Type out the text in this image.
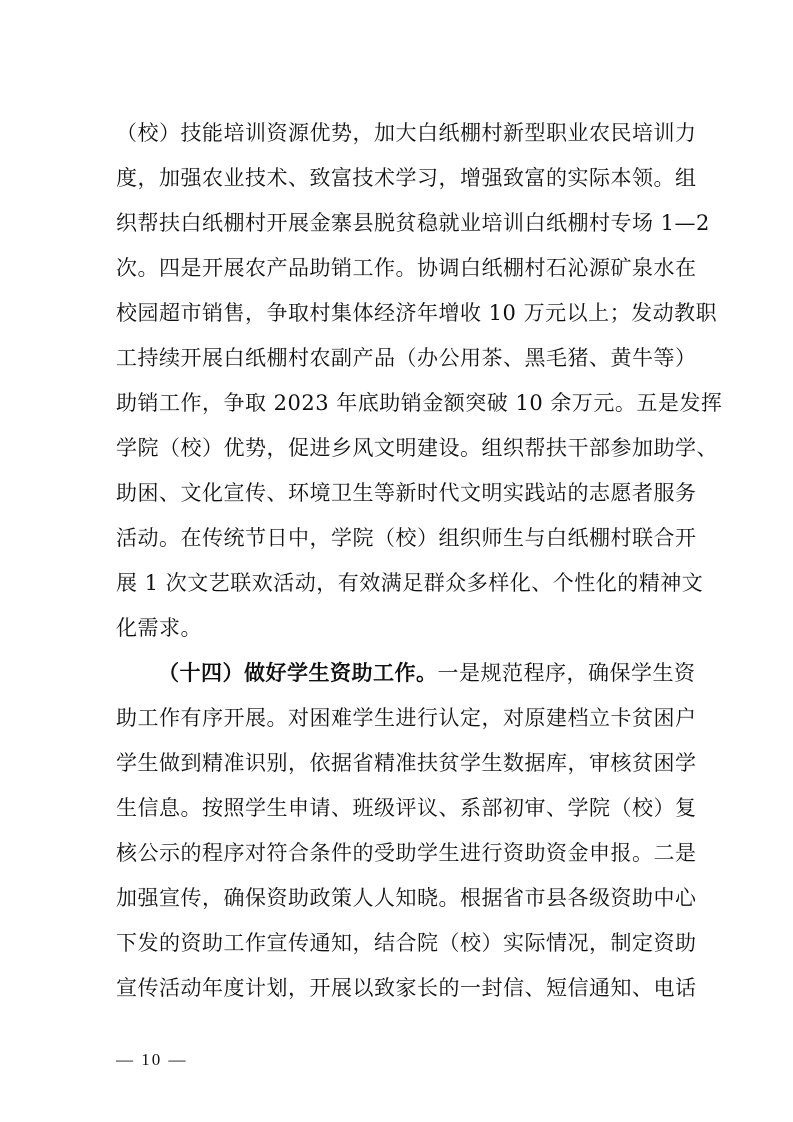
（校）技能培训资源优势，加大白纸棚村新型职业农民培训力
度，加强农业技术、致富技术学习，增强致富的实际本领。组
织帮扶白纸棚村开展金寨县脱贫稳就业培训白纸棚村专场 1—2
次。四是开展农产品助销工作。协调白纸棚村石沁源矿泉水在
校园超市销售，争取村集体经济年增收 10 万元以上；发动教职
工持续开展白纸棚村农副产品（办公用茶、黑毛猪、黄牛等）
助销工作，争取 2023 年底助销金额突破 10 余万元。五是发挥
学院（校）优势，促进乡风文明建设。组织帮扶干部参加助学、
助困、文化宣传、环境卫生等新时代文明实践站的志愿者服务
活动。在传统节日中，学院（校）组织师生与白纸棚村联合开
展 1 次文艺联欢活动，有效满足群众多样化、个性化的精神文
化需求。
（十四）做好学生资助工作。一是规范程序，确保学生资
助工作有序开展。对困难学生进行认定，对原建档立卡贫困户
学生做到精准识别，依据省精准扶贫学生数据库，审核贫困学
生信息。按照学生申请、班级评议、系部初审、学院（校）复
核公示的程序对符合条件的受助学生进行资助资金申报。二是
加强宣传，确保资助政策人人知晓。根据省市县各级资助中心
下发的资助工作宣传通知，结合院（校）实际情况，制定资助
宣传活动年度计划，开展以致家长的一封信、短信通知、电话
— 10 —
